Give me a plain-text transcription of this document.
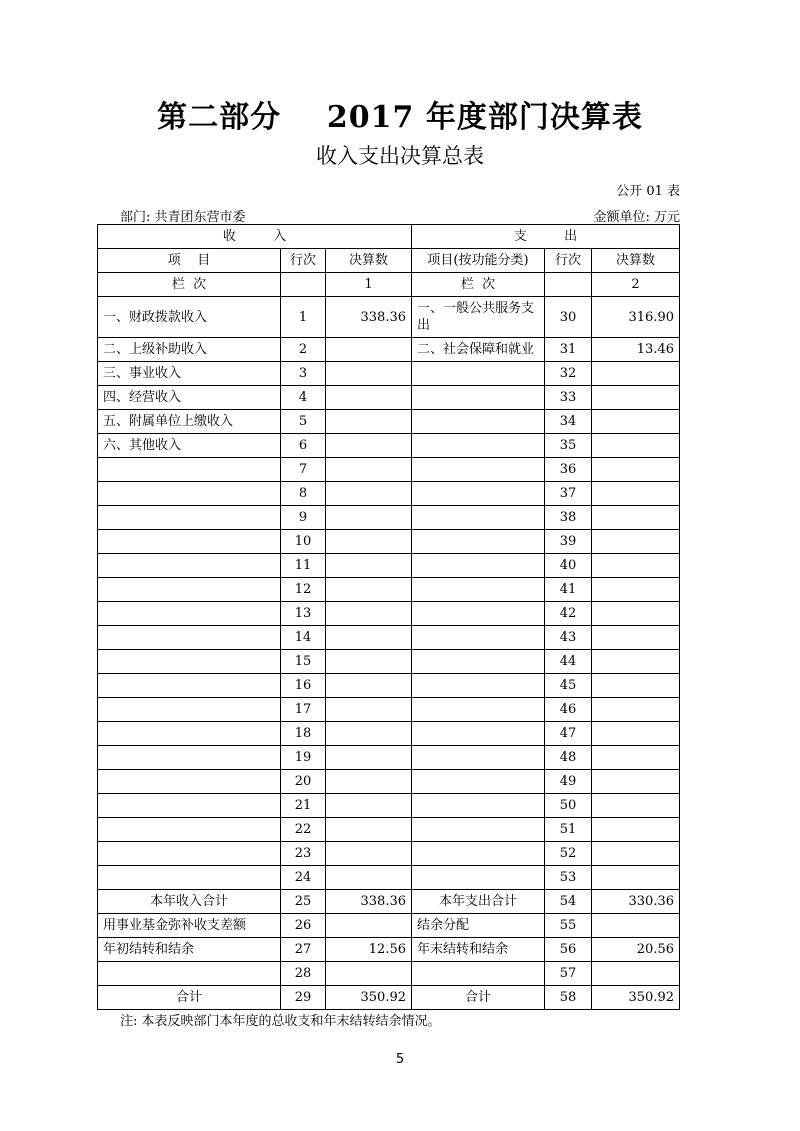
第二部分    2017 年度部门决算表
收入支出决算总表
公开 01 表
部门: 共青团东营市委	金额单位: 万元
收         入			支         出		
项    目	行次	决算数	项目(按功能分类)	行次	决算数
栏  次		1	栏  次		2
一、财政拨款收入	1	338.36	一、一般公共服务支出	30	316.90
二、上级补助收入	2		二、社会保障和就业	31	13.46
三、事业收入	3			32	
四、经营收入	4			33	
五、附属单位上缴收入	5			34	
六、其他收入	6			35	
	7			36	
	8			37	
	9			38	
	10			39	
	11			40	
	12			41	
	13			42	
	14			43	
	15			44	
	16			45	
	17			46	
	18			47	
	19			48	
	20			49	
	21			50	
	22			51	
	23			52	
	24			53	
本年收入合计	25	338.36	本年支出合计	54	330.36
用事业基金弥补收支差额	26		结余分配	55	
年初结转和结余	27	12.56	年末结转和结余	56	20.56
	28			57	
合计	29	350.92	合计	58	350.92
注: 本表反映部门本年度的总收支和年末结转结余情况。
5
